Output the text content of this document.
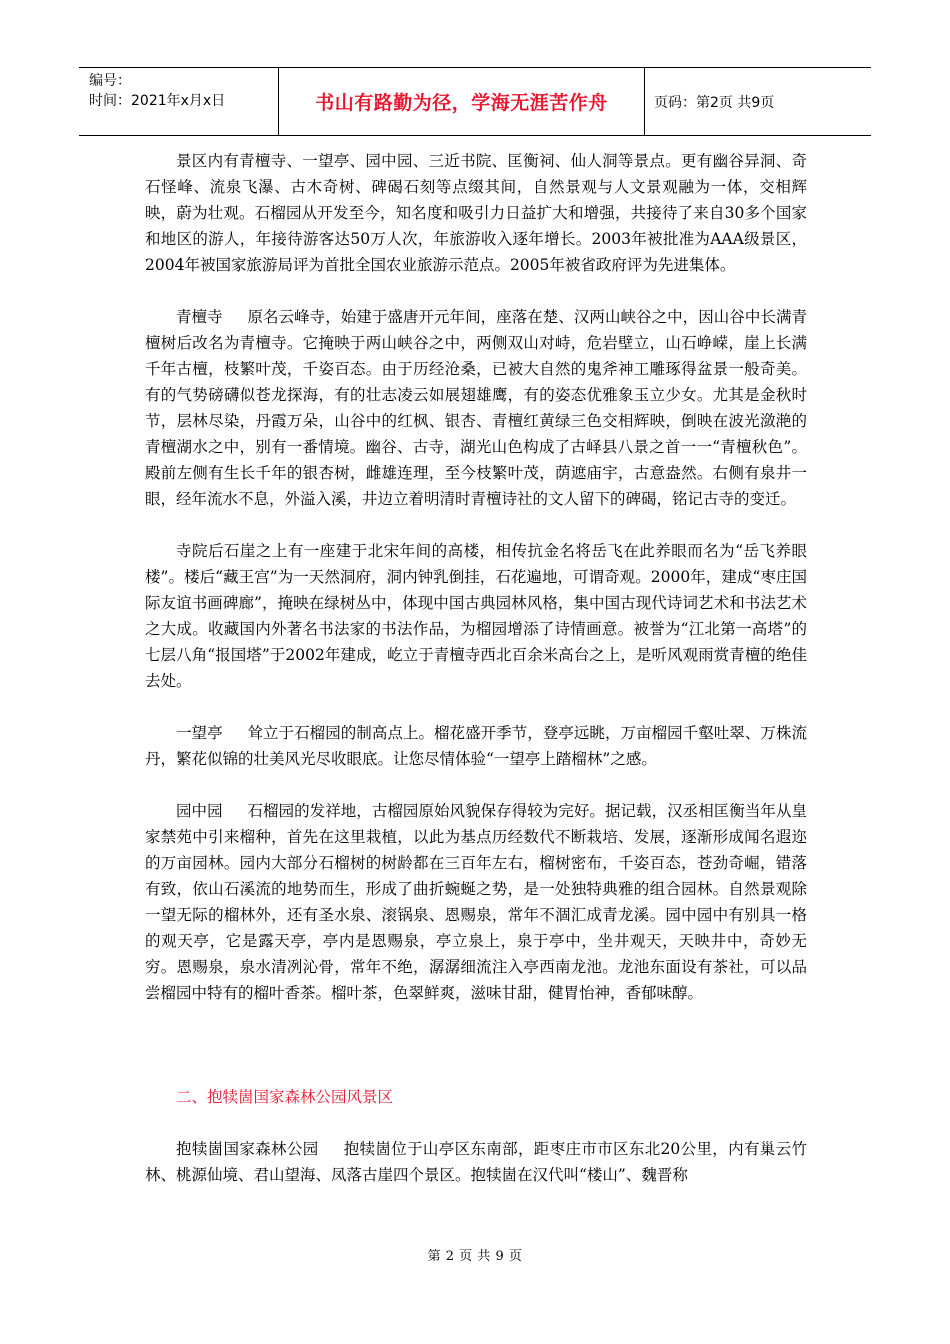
编号：
时间：2021年x月x日	书山有路勤为径，学海无涯苦作舟	页码：第2页 共9页

景区内有青檀寺、一望亭、园中园、三近书院、匡衡祠、仙人洞等景点。更有幽谷异洞、奇石怪峰、流泉飞瀑、古木奇树、碑碣石刻等点缀其间，自然景观与人文景观融为一体，交相辉映，蔚为壮观。石榴园从开发至今，知名度和吸引力日益扩大和增强，共接待了来自30多个国家和地区的游人，年接待游客达50万人次，年旅游收入逐年增长。2003年被批准为AAA级景区，2004年被国家旅游局评为首批全国农业旅游示范点。2005年被省政府评为先进集体。

青檀寺 原名云峰寺，始建于盛唐开元年间，座落在楚、汉两山峡谷之中，因山谷中长满青檀树后改名为青檀寺。它掩映于两山峡谷之中，两侧双山对峙，危岩壁立，山石峥嵘，崖上长满千年古檀，枝繁叶茂，千姿百态。由于历经沧桑，已被大自然的鬼斧神工雕琢得盆景一般奇美。有的气势磅礴似苍龙探海，有的壮志凌云如展翅雄鹰，有的姿态优雅象玉立少女。尤其是金秋时节，层林尽染，丹霞万朵，山谷中的红枫、银杏、青檀红黄绿三色交相辉映，倒映在波光潋滟的青檀湖水之中，别有一番情境。幽谷、古寺，湖光山色构成了古峄县八景之首一一“青檀秋色”。殿前左侧有生长千年的银杏树，雌雄连理，至今枝繁叶茂，荫遮庙宇，古意盎然。右侧有泉井一眼，经年流水不息，外溢入溪，井边立着明清时青檀诗社的文人留下的碑碣，铭记古寺的变迁。

寺院后石崖之上有一座建于北宋年间的高楼，相传抗金名将岳飞在此养眼而名为“岳飞养眼楼”。楼后“藏王宫”为一天然洞府，洞内钟乳倒挂，石花遍地，可谓奇观。2000年，建成“枣庄国际友谊书画碑廊”，掩映在绿树丛中，体现中国古典园林风格，集中国古现代诗词艺术和书法艺术之大成。收藏国内外著名书法家的书法作品，为榴园增添了诗情画意。被誉为“江北第一高塔”的七层八角“报国塔”于2002年建成，屹立于青檀寺西北百余米高台之上，是听风观雨赏青檀的绝佳去处。

一望亭 耸立于石榴园的制高点上。榴花盛开季节，登亭远眺，万亩榴园千壑吐翠、万株流丹，繁花似锦的壮美风光尽收眼底。让您尽情体验“一望亭上踏榴林”之感。

园中园 石榴园的发祥地，古榴园原始风貌保存得较为完好。据记载，汉丞相匡衡当年从皇家禁苑中引来榴种，首先在这里栽植，以此为基点历经数代不断栽培、发展，逐渐形成闻名遐迩的万亩园林。园内大部分石榴树的树龄都在三百年左右，榴树密布，千姿百态，苍劲奇崛，错落有致，依山石溪流的地势而生，形成了曲折蜿蜒之势，是一处独特典雅的组合园林。自然景观除一望无际的榴林外，还有圣水泉、滚锅泉、恩赐泉，常年不涸汇成青龙溪。园中园中有别具一格的观天亭，它是露天亭，亭内是恩赐泉，亭立泉上，泉于亭中，坐井观天，天映井中，奇妙无穷。恩赐泉，泉水清冽沁骨，常年不绝，潺潺细流注入亭西南龙池。龙池东面设有茶社，可以品尝榴园中特有的榴叶香茶。榴叶茶，色翠鲜爽，滋味甘甜，健胃怡神，香郁味醇。

二、抱犊崮国家森林公园风景区

抱犊崮国家森林公园 抱犊崮位于山亭区东南部，距枣庄市市区东北20公里，内有巢云竹林、桃源仙境、君山望海、凤落古崖四个景区。抱犊崮在汉代叫“楼山”、魏晋称

第 2 页 共 9 页
